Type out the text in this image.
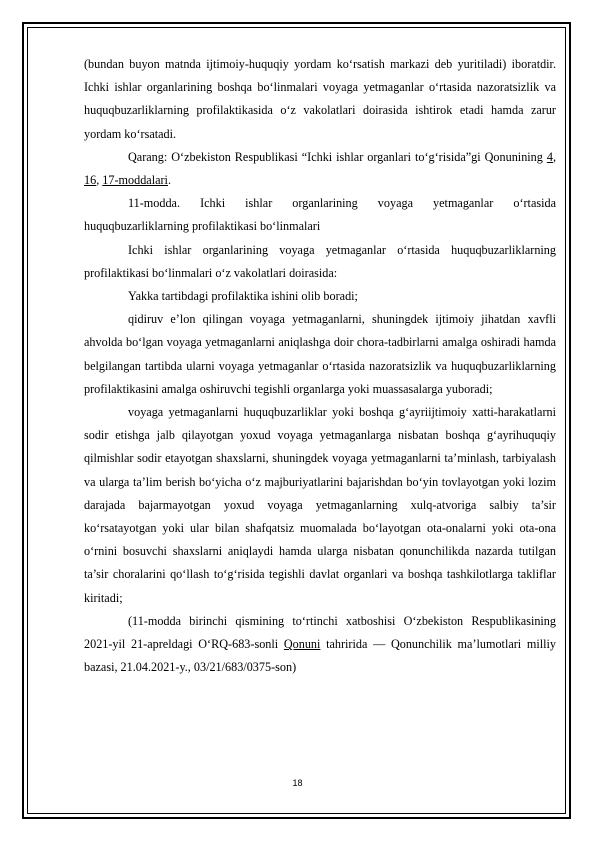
(bundan buyon matnda ijtimoiy-huquqiy yordam ko‘rsatish markazi deb yuritiladi) iboratdir. Ichki ishlar organlarining boshqa bo‘linmalari voyaga yetmaganlar o‘rtasida nazoratsizlik va huquqbuzarliklarning profilaktikasida o‘z vakolatlari doirasida ishtirok etadi hamda zarur yordam ko‘rsatadi.

Qarang: O‘zbekiston Respublikasi “Ichki ishlar organlari to‘g‘risida”gi Qonunining 4, 16, 17-moddalari.

11-modda. Ichki ishlar organlarining voyaga yetmaganlar o‘rtasida huquqbuzarliklarning profilaktikasi bo‘linmalari

Ichki ishlar organlarining voyaga yetmaganlar o‘rtasida huquqbuzarliklarning profilaktikasi bo‘linmalari o‘z vakolatlari doirasida:

Yakka tartibdagi profilaktika ishini olib boradi;

qidiruv e’lon qilingan voyaga yetmaganlarni, shuningdek ijtimoiy jihatdan xavfli ahvolda bo‘lgan voyaga yetmaganlarni aniqlashga doir chora-tadbirlarni amalga oshiradi hamda belgilangan tartibda ularni voyaga yetmaganlar o‘rtasida nazoratsizlik va huquqbuzarliklarning profilaktikasini amalga oshiruvchi tegishli organlarga yoki muassasalarga yuboradi;

voyaga yetmaganlarni huquqbuzarliklar yoki boshqa g‘ayriijtimoiy xatti-harakatlarni sodir etishga jalb qilayotgan yoxud voyaga yetmaganlarga nisbatan boshqa g‘ayrihuquqiy qilmishlar sodir etayotgan shaxslarni, shuningdek voyaga yetmaganlarni ta’minlash, tarbiyalash va ularga ta’lim berish bo‘yicha o‘z majburiyatlarini bajarishdan bo‘yin tovlayotgan yoki lozim darajada bajarmayotgan yoxud voyaga yetmaganlarning xulq-atvoriga salbiy ta’sir ko‘rsatayotgan yoki ular bilan shafqatsiz muomalada bo‘layotgan ota-onalarni yoki ota-ona o‘rnini bosuvchi shaxslarni aniqlaydi hamda ularga nisbatan qonunchilikda nazarda tutilgan ta’sir choralarini qo‘llash to‘g‘risida tegishli davlat organlari va boshqa tashkilotlarga takliflar kiritadi;

(11-modda birinchi qismining to‘rtinchi xatboshisi O‘zbekiston Respublikasining 2021-yil 21-apreldagi O‘RQ-683-sonli Qonuni tahririda — Qonunchilik ma’lumotlari milliy bazasi, 21.04.2021-y., 03/21/683/0375-son)

18
